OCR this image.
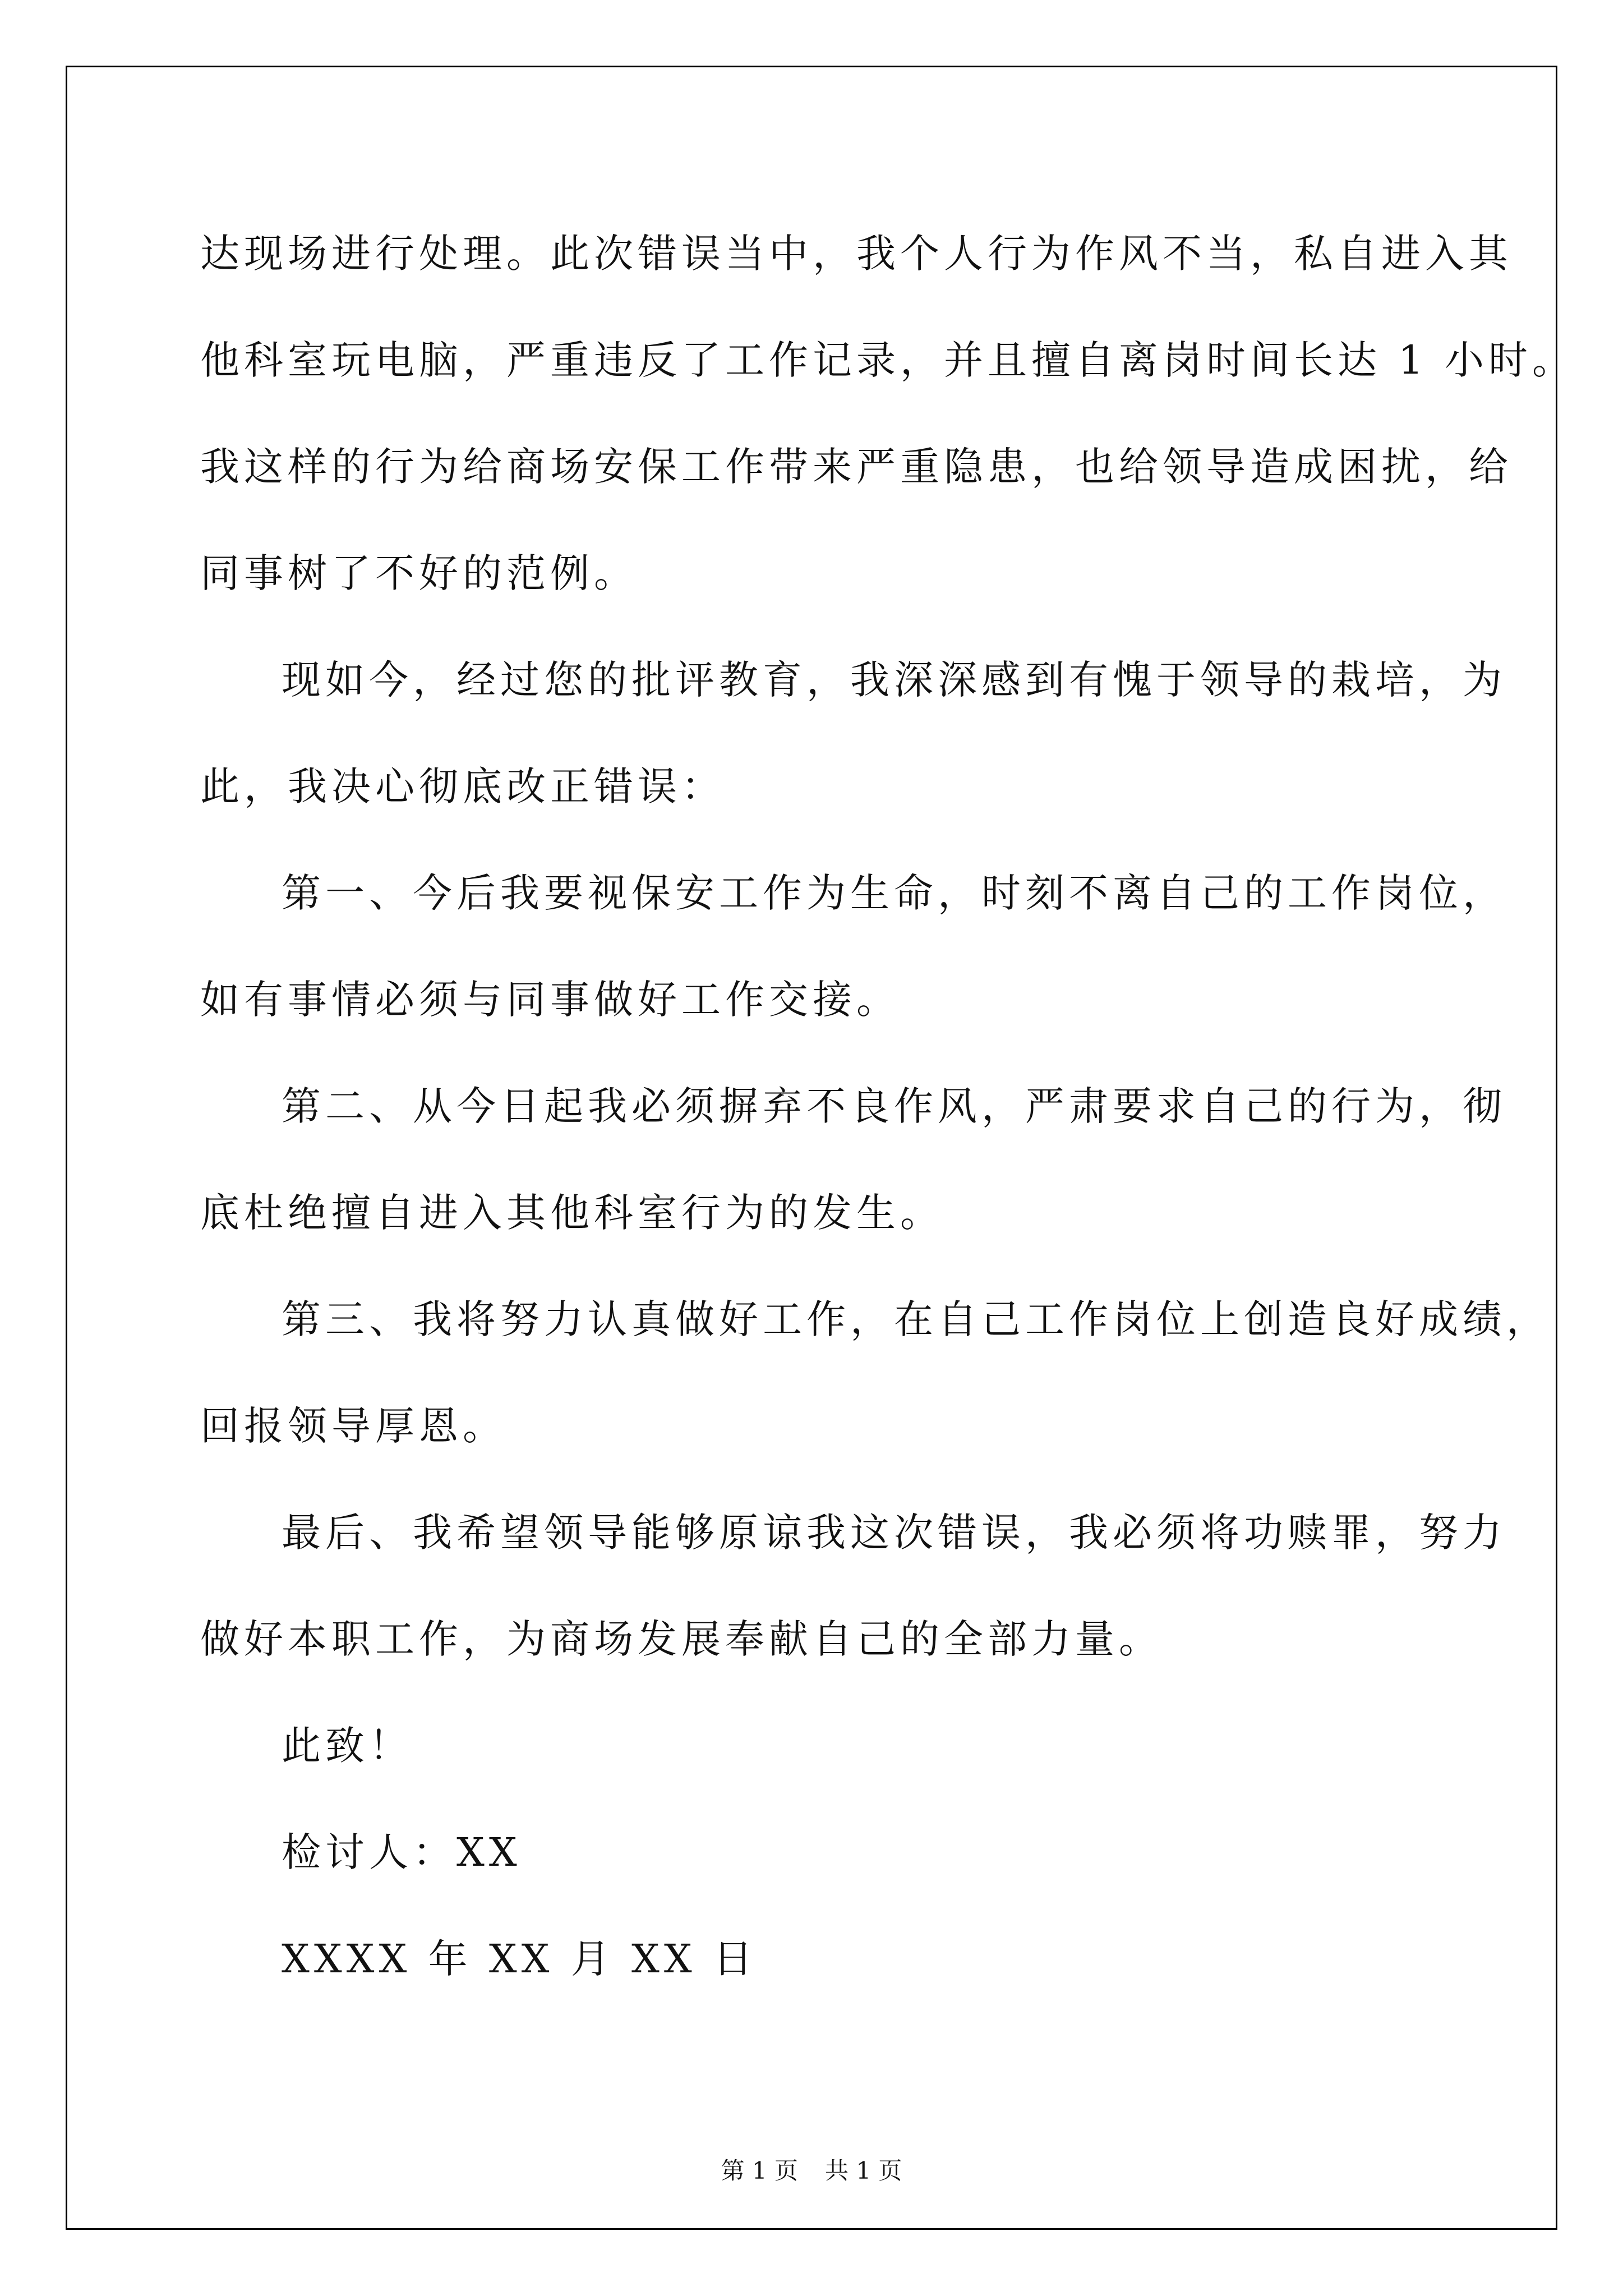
达现场进行处理。此次错误当中，我个人行为作风不当，私自进入其
他科室玩电脑，严重违反了工作记录，并且擅自离岗时间长达 1 小时。
我这样的行为给商场安保工作带来严重隐患，也给领导造成困扰，给
同事树了不好的范例。
现如今，经过您的批评教育，我深深感到有愧于领导的栽培，为
此，我决心彻底改正错误：
第一、今后我要视保安工作为生命，时刻不离自己的工作岗位，
如有事情必须与同事做好工作交接。
第二、从今日起我必须摒弃不良作风，严肃要求自己的行为，彻
底杜绝擅自进入其他科室行为的发生。
第三、我将努力认真做好工作，在自己工作岗位上创造良好成绩，
回报领导厚恩。
最后、我希望领导能够原谅我这次错误，我必须将功赎罪，努力
做好本职工作，为商场发展奉献自己的全部力量。
此致！
检讨人：XX
XXXX 年 XX 月 XX 日
第 1 页 共 1 页
